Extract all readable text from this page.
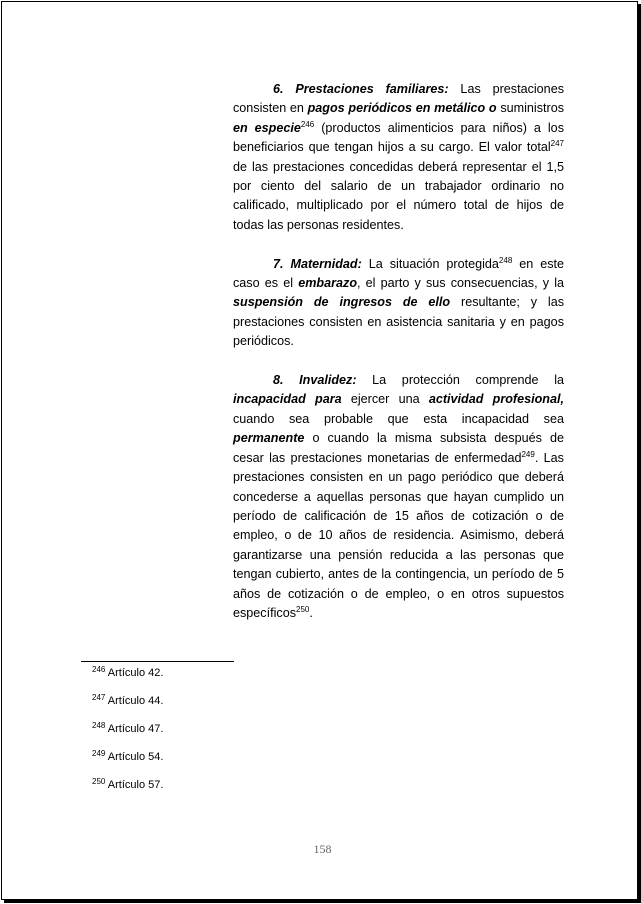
6. Prestaciones familiares: Las prestaciones consisten en pagos periódicos en metálico o suministros en especie$^{246}$ (productos alimenticios para niños) a los beneficiarios que tengan hijos a su cargo. El valor total$^{247}$ de las prestaciones concedidas deberá representar el 1,5 por ciento del salario de un trabajador ordinario no calificado, multiplicado por el número total de hijos de todas las personas residentes.

7. Maternidad: La situación protegida$^{248}$ en este caso es el embarazo, el parto y sus consecuencias, y la suspensión de ingresos de ello resultante; y las prestaciones consisten en asistencia sanitaria y en pagos periódicos.

8. Invalidez: La protección comprende la incapacidad para ejercer una actividad profesional, cuando sea probable que esta incapacidad sea permanente o cuando la misma subsista después de cesar las prestaciones monetarias de enfermedad$^{249}$. Las prestaciones consisten en un pago periódico que deberá concederse a aquellas personas que hayan cumplido un período de calificación de 15 años de cotización o de empleo, o de 10 años de residencia. Asimismo, deberá garantizarse una pensión reducida a las personas que tengan cubierto, antes de la contingencia, un período de 5 años de cotización o de empleo, o en otros supuestos específicos$^{250}$.

$^{246}$ Artículo 42.
$^{247}$ Artículo 44.
$^{248}$ Artículo 47.
$^{249}$ Artículo 54.
$^{250}$ Artículo 57.
158
